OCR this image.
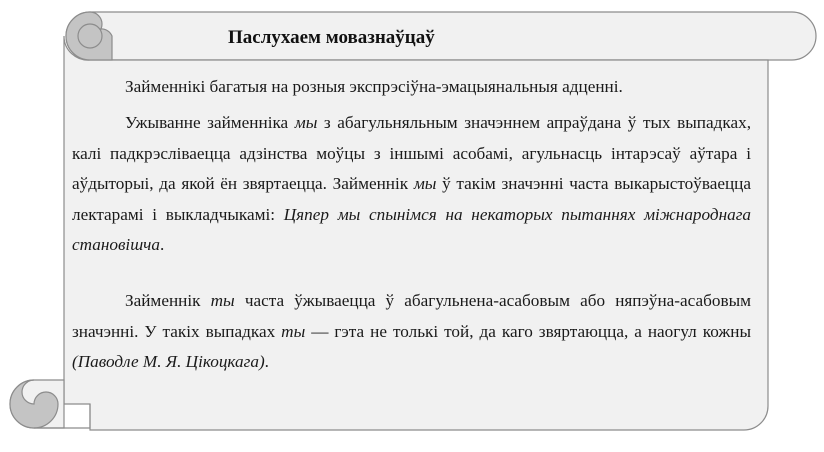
Паслухаем мовазнаўцаў

Займеннікі багатыя на розныя экспрэсіўна-эмацыянальныя адценні.

Ужыванне займенніка мы з абагульняльным значэннем апраўдана ў тых выпадках, калі падкрэсліваецца адзінства моўцы з іншымі асобамі, агульнасць інтарэсаў аўтара і аўдыторыі, да якой ён звяртаецца. Займеннік мы ў такім значэнні часта выкарыстоўваецца лектарамі і выкладчыкамі: Цяпер мы спынімся на некаторых пытаннях міжнароднага становішча.

Займеннік ты часта ўжываецца ў абагульнена-асабовым або няпэўна-асабовым значэнні. У такіх выпадках ты — гэта не толькі той, да каго звяртаюцца, а наогул кожны (Паводле М. Я. Цікоцкага).
